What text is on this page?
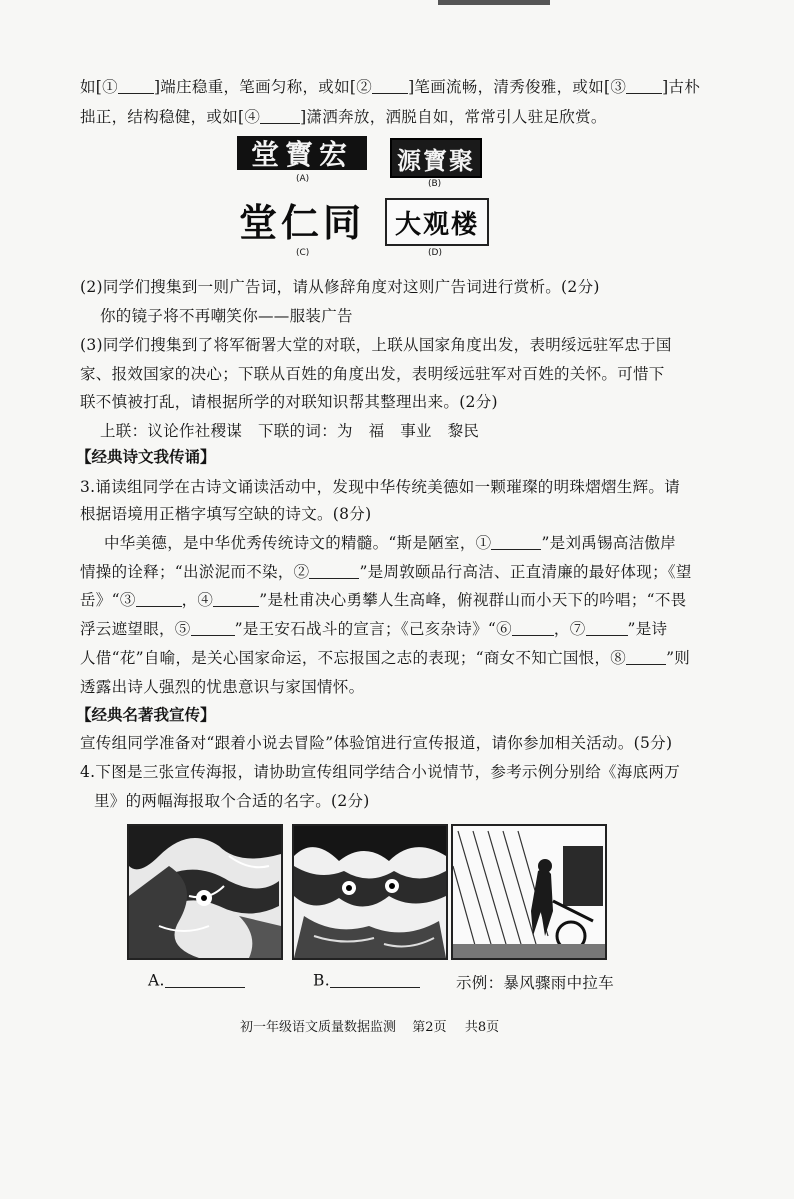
如[① ]端庄稳重，笔画匀称，或如[② ]笔画流畅，清秀俊雅，或如[③ ]古朴
拙正，结构稳健，或如[④	]潇洒奔放，洒脱自如，常常引人驻足欣赏。
堂寳宏
(A)
源寳聚
(B)
堂仁同
(C)
大观楼
(D)
(2)同学们搜集到一则广告词，请从修辞角度对这则广告词进行赏析。(2分)
你的镜子将不再嘲笑你——服装广告
(3)同学们搜集到了将军衙署大堂的对联，上联从国家角度出发，表明绥远驻军忠于国
家、报效国家的决心；下联从百姓的角度出发，表明绥远驻军对百姓的关怀。可惜下
联不慎被打乱，请根据所学的对联知识帮其整理出来。(2分)
上联：议论作社稷谋　下联的词：为　福　事业　黎民
【经典诗文我传诵】
3.诵读组同学在古诗文诵读活动中，发现中华传统美德如一颗璀璨的明珠熠熠生辉。请
根据语境用正楷字填写空缺的诗文。(8分)
中华美德，是中华优秀传统诗文的精髓。“斯是陋室，①	”是刘禹锡高洁傲岸
情操的诠释；“出淤泥而不染，②	”是周敦颐品行高洁、正直清廉的最好体现；《望
岳》“③	，④	”是杜甫决心勇攀人生高峰，俯视群山而小天下的吟唱；“不畏
浮云遮望眼，⑤	”是王安石战斗的宣言；《己亥杂诗》“⑥	，⑦	”是诗
人借“花”自喻，是关心国家命运，不忘报国之志的表现；“商女不知亡国恨，⑧	”则
透露出诗人强烈的忧患意识与家国情怀。
【经典名著我宣传】
宣传组同学准备对“跟着小说去冒险”体验馆进行宣传报道，请你参加相关活动。(5分)
4.下图是三张宣传海报，请协助宣传组同学结合小说情节，参考示例分别给《海底两万
里》的两幅海报取个合适的名字。(2分)
A.	B.	示例：暴风骤雨中拉车
初一年级语文质量数据监测 第2页 共8页
